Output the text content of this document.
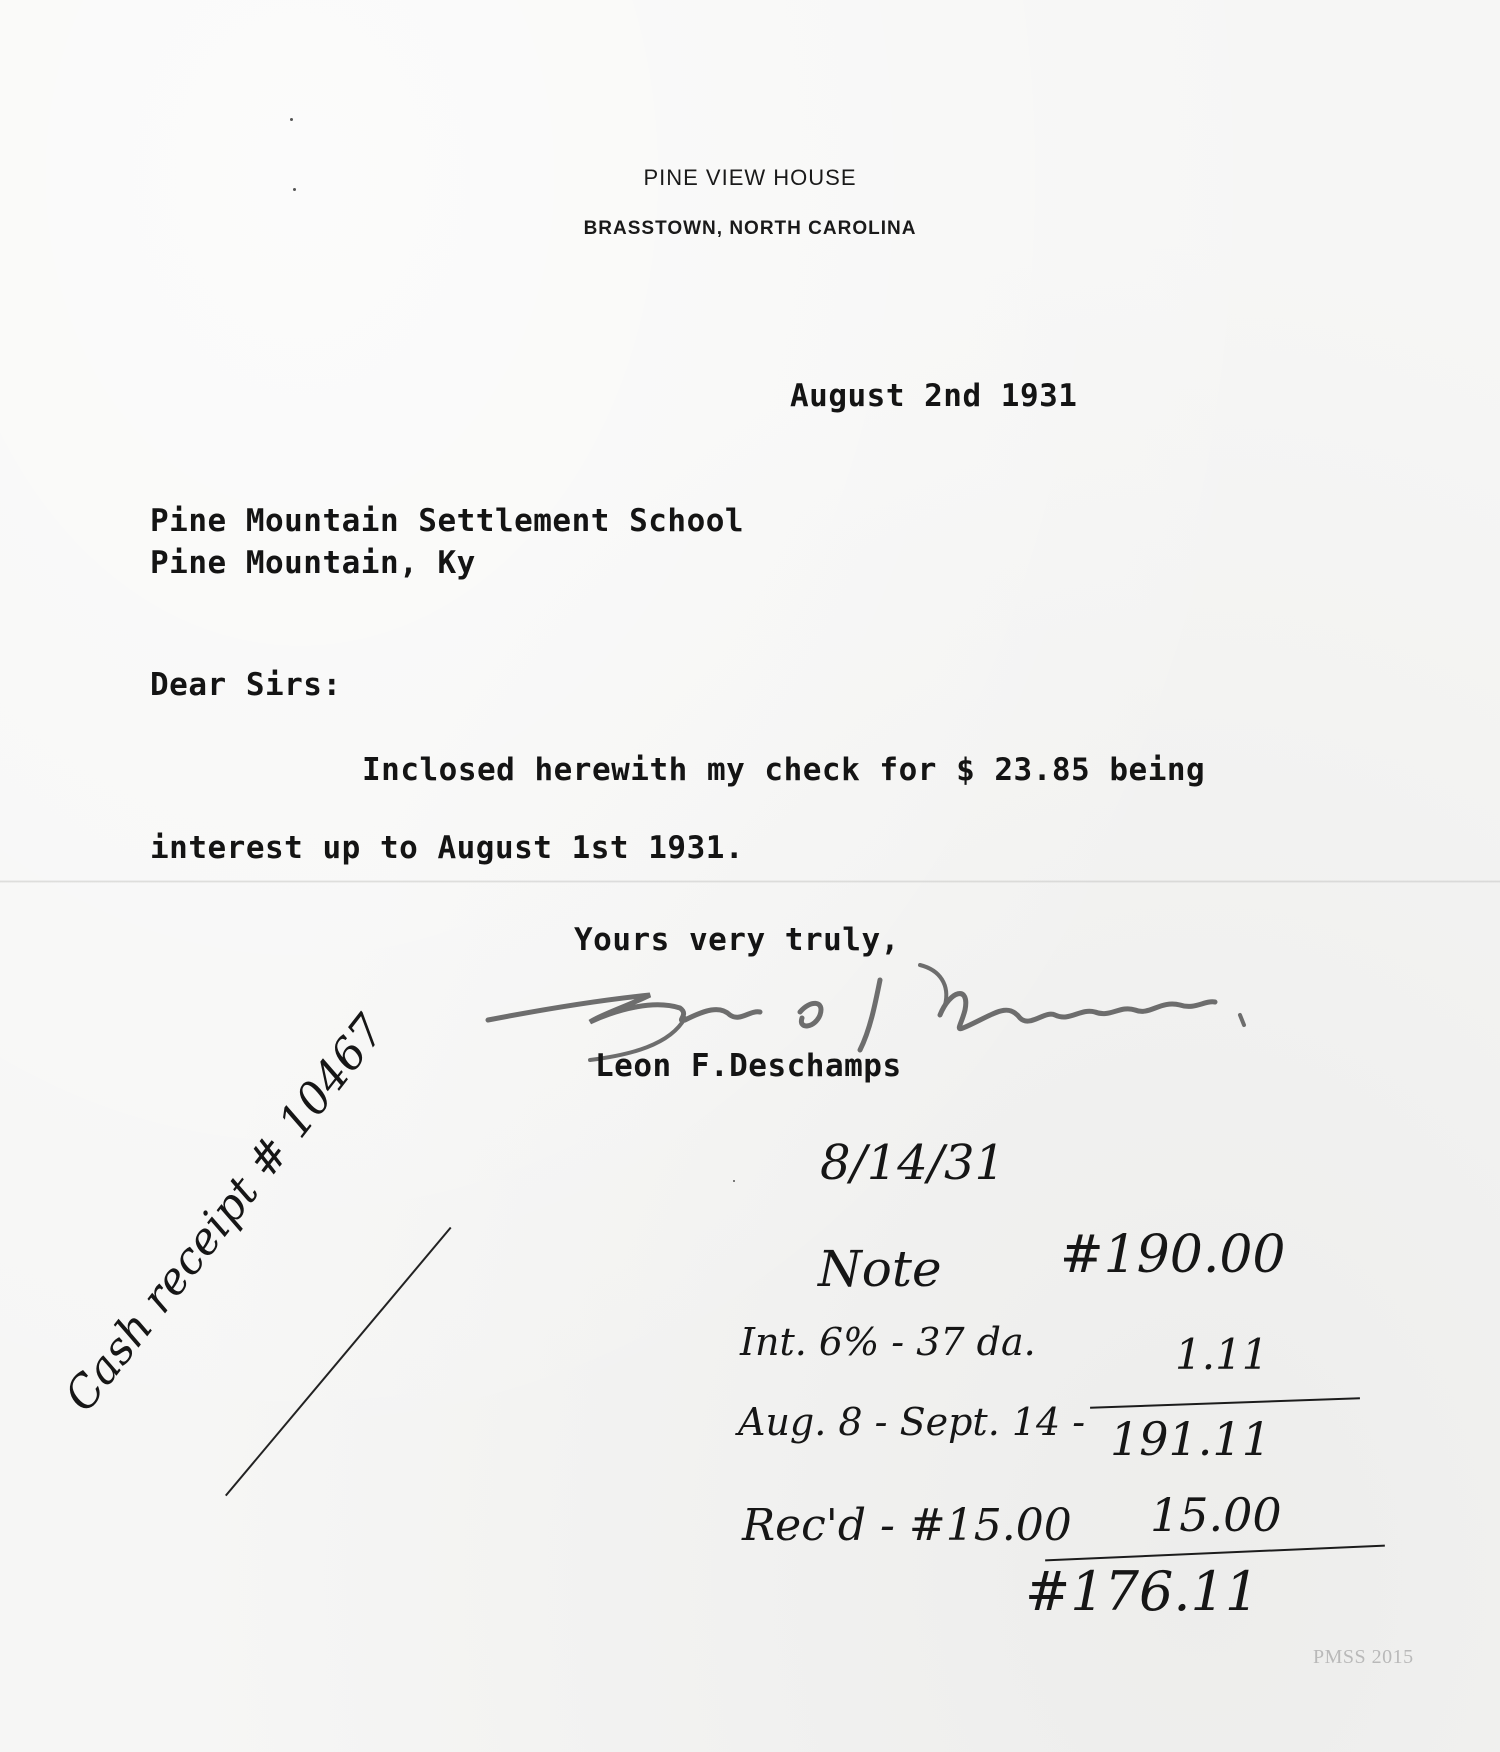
PINE VIEW HOUSE
BRASSTOWN, NORTH CAROLINA
August 2nd 1931
Pine Mountain Settlement School
Pine Mountain, Ky
Dear Sirs:
Inclosed herewith my check for $ 23.85 being
interest up to August 1st 1931.
Yours very truly,
Leon F.Deschamps
Cash receipt # 10467	8/14/31
Note #190.00
Int. 6% - 37 da.	1.11
Aug. 8 - Sept. 14 - 191.11
Rec'd - #15.00 15.00
#176.11
PMSS 2015
